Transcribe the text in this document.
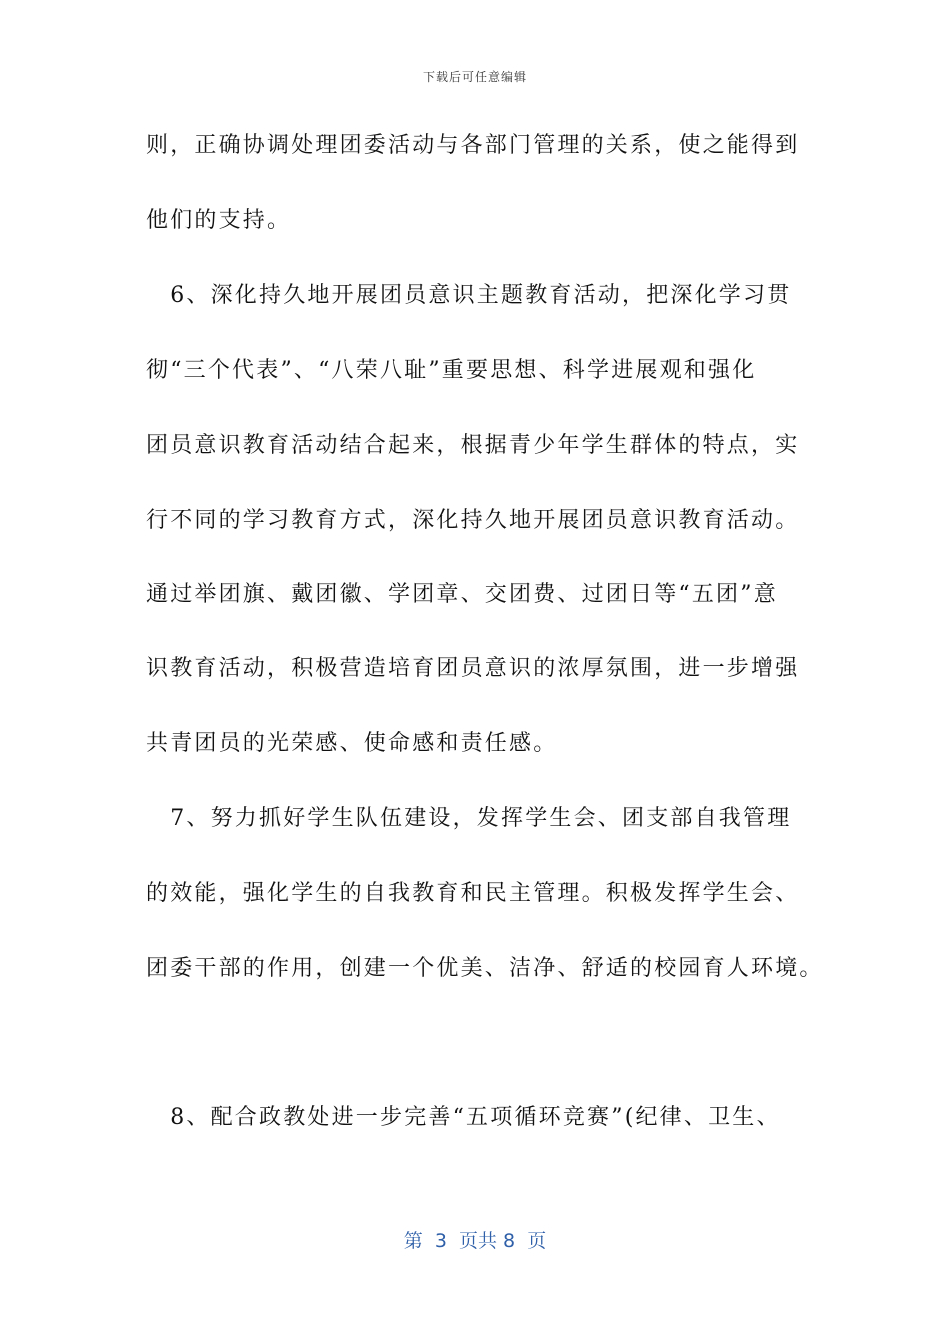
下载后可任意编辑
则，正确协调处理团委活动与各部门管理的关系，使之能得到
他们的支持。
　6、深化持久地开展团员意识主题教育活动，把深化学习贯
彻“三个代表”、“八荣八耻”重要思想、科学进展观和强化
团员意识教育活动结合起来，根据青少年学生群体的特点，实
行不同的学习教育方式，深化持久地开展团员意识教育活动。
通过举团旗、戴团徽、学团章、交团费、过团日等“五团”意
识教育活动，积极营造培育团员意识的浓厚氛围，进一步增强
共青团员的光荣感、使命感和责任感。
　7、努力抓好学生队伍建设，发挥学生会、团支部自我管理
的效能，强化学生的自我教育和民主管理。积极发挥学生会、
团委干部的作用，创建一个优美、洁净、舒适的校园育人环境。
　8、配合政教处进一步完善“五项循环竞赛”(纪律、卫生、
第  3  页共 8  页
